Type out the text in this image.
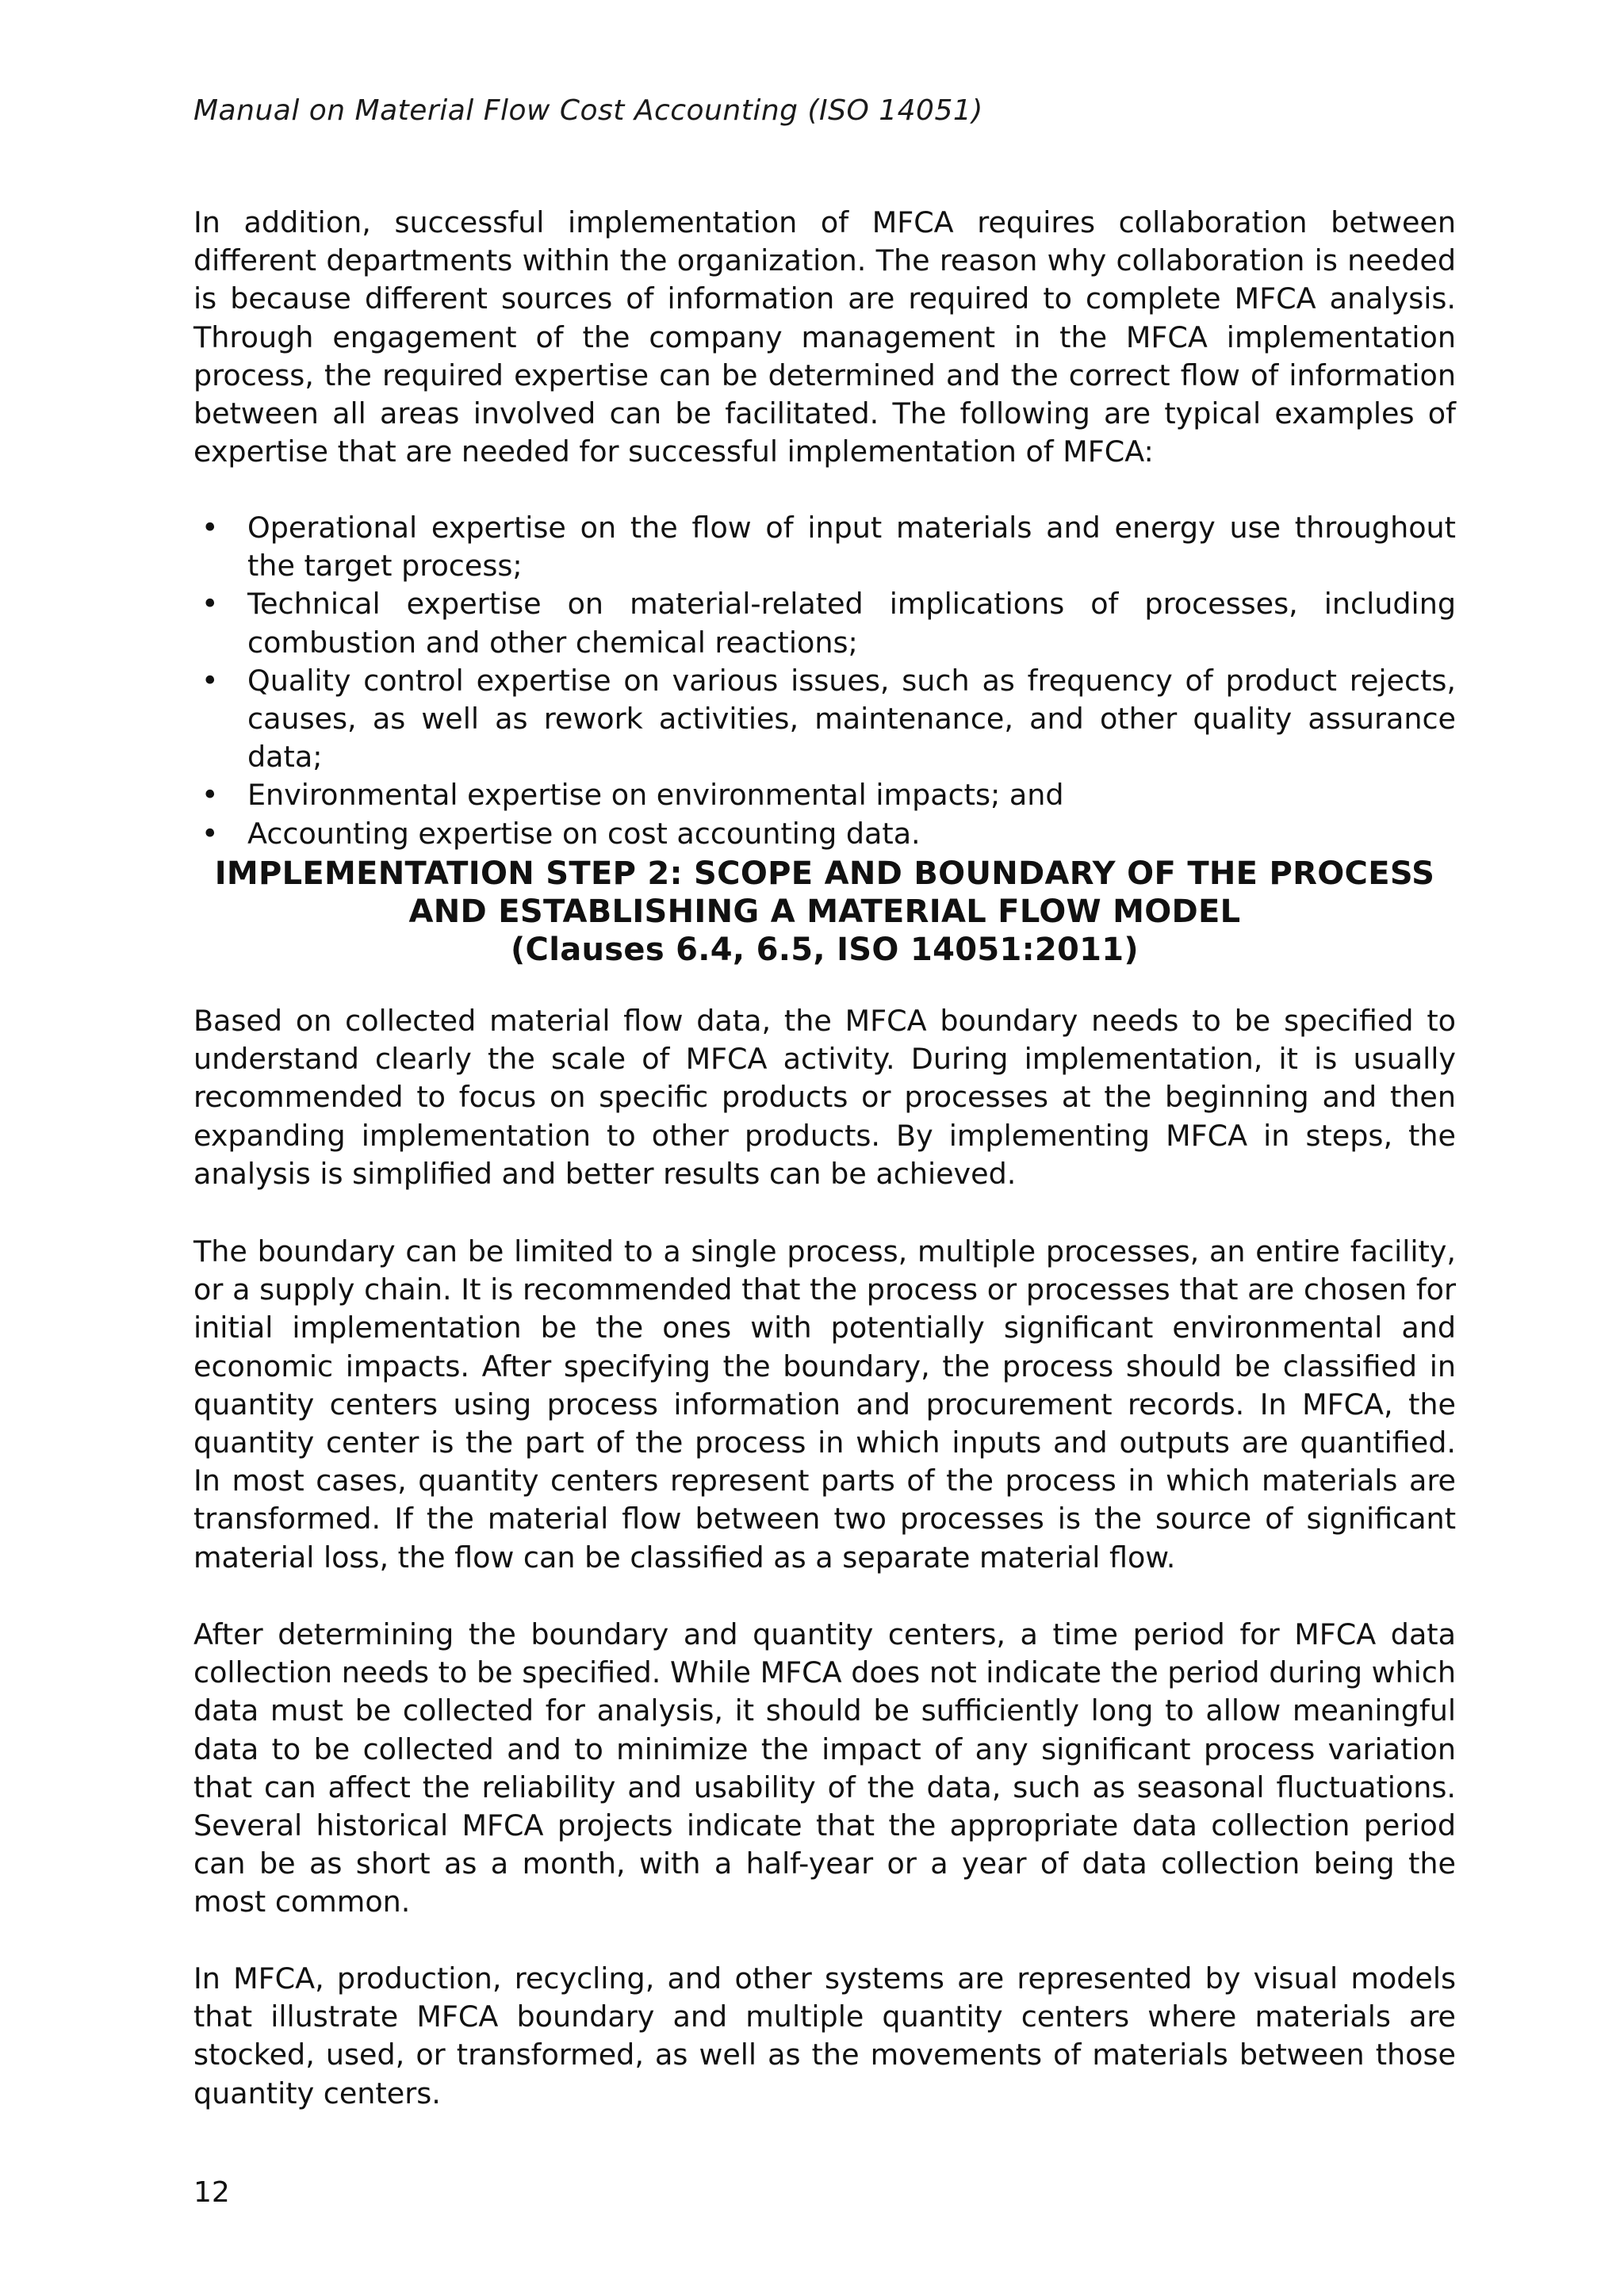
Manual on Material Flow Cost Accounting (ISO 14051)

In addition, successful implementation of MFCA requires collaboration between different departments within the organization. The reason why collaboration is needed is because different sources of information are required to complete MFCA analysis. Through engagement of the company management in the MFCA implementation process, the required expertise can be determined and the correct flow of information between all areas involved can be facilitated. The following are typical examples of expertise that are needed for successful implementation of MFCA:

• Operational expertise on the flow of input materials and energy use throughout the target process;
• Technical expertise on material-related implications of processes, including combustion and other chemical reactions;
• Quality control expertise on various issues, such as frequency of product rejects, causes, as well as rework activities, maintenance, and other quality assurance data;
• Environmental expertise on environmental impacts; and
• Accounting expertise on cost accounting data.
IMPLEMENTATION STEP 2: SCOPE AND BOUNDARY OF THE PROCESS
AND ESTABLISHING A MATERIAL FLOW MODEL
(Clauses 6.4, 6.5, ISO 14051:2011)

Based on collected material flow data, the MFCA boundary needs to be specified to understand clearly the scale of MFCA activity. During implementation, it is usually recommended to focus on specific products or processes at the beginning and then expanding implementation to other products. By implementing MFCA in steps, the analysis is simplified and better results can be achieved.

The boundary can be limited to a single process, multiple processes, an entire facility, or a supply chain. It is recommended that the process or processes that are chosen for initial implementation be the ones with potentially significant environmental and economic impacts. After specifying the boundary, the process should be classified in quantity centers using process information and procurement records. In MFCA, the quantity center is the part of the process in which inputs and outputs are quantified. In most cases, quantity centers represent parts of the process in which materials are transformed. If the material flow between two processes is the source of significant material loss, the flow can be classified as a separate material flow.

After determining the boundary and quantity centers, a time period for MFCA data collection needs to be specified. While MFCA does not indicate the period during which data must be collected for analysis, it should be sufficiently long to allow meaningful data to be collected and to minimize the impact of any significant process variation that can affect the reliability and usability of the data, such as seasonal fluctuations. Several historical MFCA projects indicate that the appropriate data collection period can be as short as a month, with a half-year or a year of data collection being the most common.

In MFCA, production, recycling, and other systems are represented by visual models that illustrate MFCA boundary and multiple quantity centers where materials are stocked, used, or transformed, as well as the movements of materials between those quantity centers.

12
